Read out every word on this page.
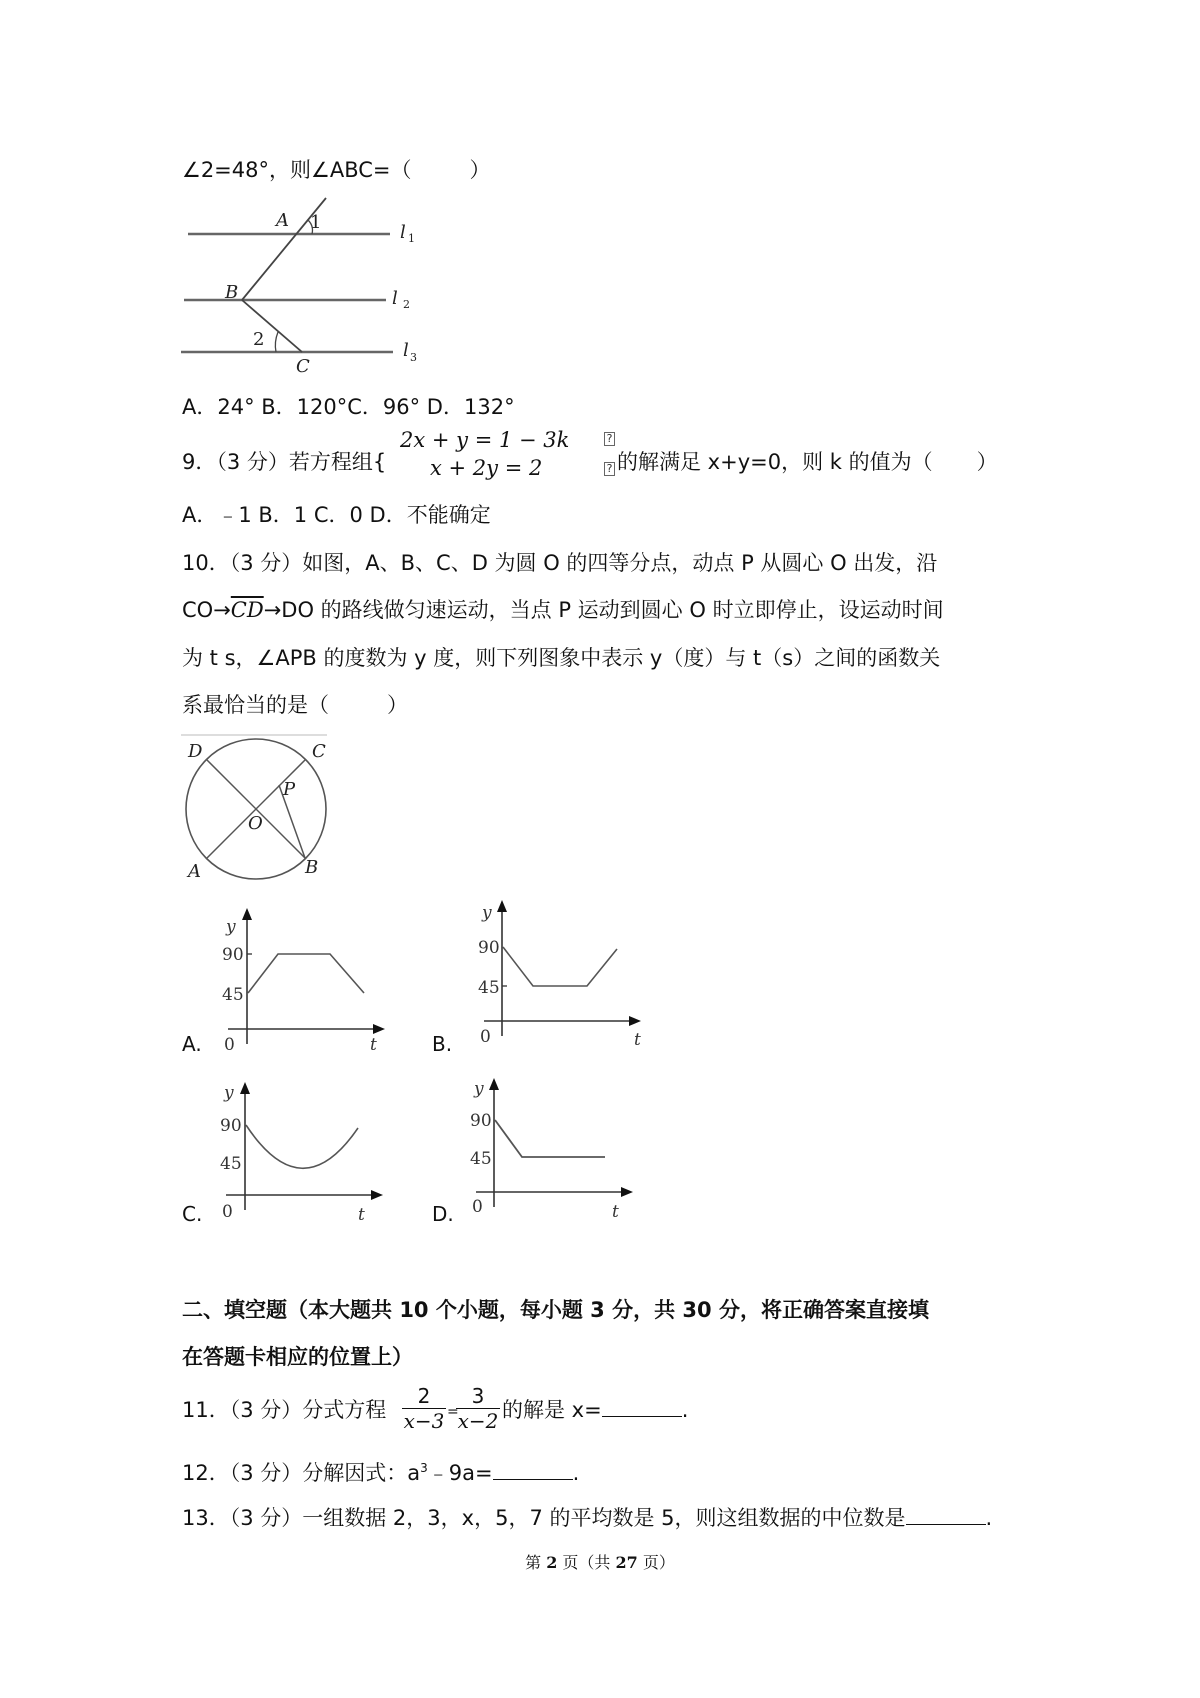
∠2=48°，则∠ABC=（	）
A 1
B
2
C
l 1
l 2
l 3
A．24° B．120°C．96° D．132°
9．（3 分）若方程组{
2x + y = 1 − 3k
x + 2y = 2
?
? 的解满足 x+y=0，则 k 的值为（ ）
A．﹣1 B．1 C．0 D．不能确定
10．（3 分）如图，A、B、C、D 为圆 O 的四等分点，动点 P 从圆心 O 出发，沿
$CO\to\overline{CD}\to DO$ 的路线做匀速运动，当点 P 运动到圆心 O 时立即停止，设运动时间
为 t s，∠APB 的度数为 y 度，则下列图象中表示 y（度）与 t（s）之间的函数关
系最恰当的是（	）
D	C
P
O
A	B
A.	B.
C.	D.
y
90
45
0	t
y
90
45
0	t
y
90
45
0	t
y
90
45
0	t
二、填空题（本大题共 10 个小题，每小题 3 分，共 30 分，将正确答案直接填
在答题卡相应的位置上）
11．（3 分）分式方程
2
x−3 =
3
x−2 的解是 x=	.
12．（3 分）分解因式：$a^3﹣9a=$	.
13．（3 分）一组数据 2，3，x，5，7 的平均数是 5，则这组数据的中位数是	.
第 2 页（共 27 页）
